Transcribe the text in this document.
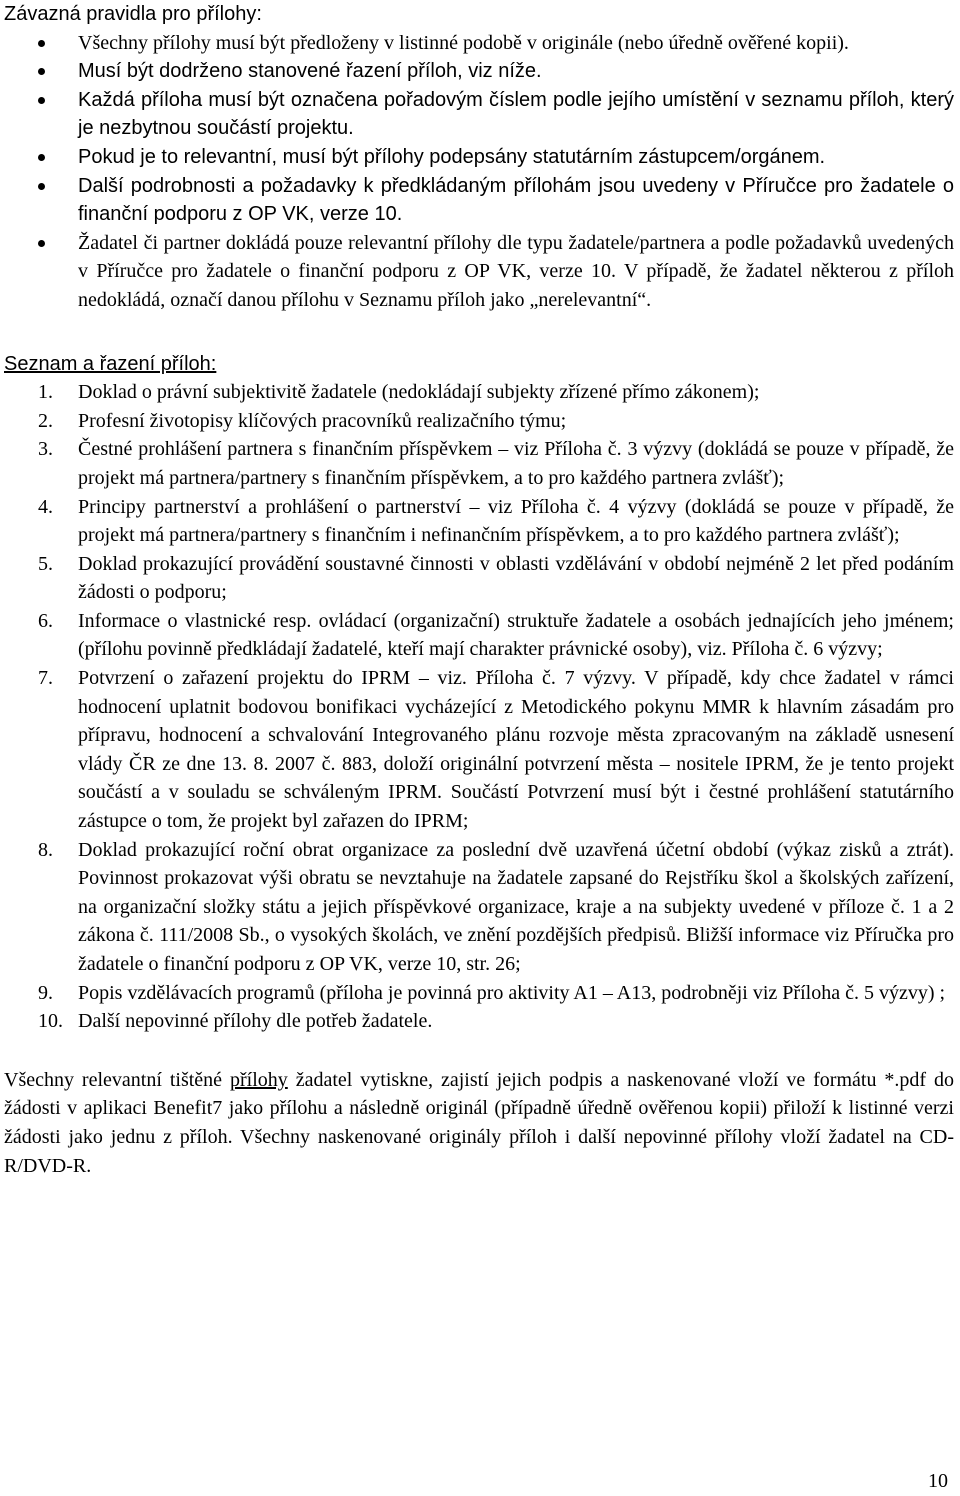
Závazná pravidla pro přílohy:

Všechny přílohy musí být předloženy v listinné podobě v originále (nebo úředně ověřené kopii).
Musí být dodrženo stanovené řazení příloh, viz níže.
Každá příloha musí být označena pořadovým číslem podle jejího umístění v seznamu příloh, který je nezbytnou součástí projektu.
Pokud je to relevantní, musí být přílohy podepsány statutárním zástupcem/orgánem.
Další podrobnosti a požadavky k předkládaným přílohám jsou uvedeny v Příručce pro žadatele o finanční podporu z OP VK, verze 10.
Žadatel či partner dokládá pouze relevantní přílohy dle typu žadatele/partnera a podle požadavků uvedených v Příručce pro žadatele o finanční podporu z OP VK, verze 10. V případě, že žadatel některou z příloh nedokládá, označí danou přílohu v Seznamu příloh jako „nerelevantní“.

Seznam a řazení příloh:

1. Doklad o právní subjektivitě žadatele (nedokládají subjekty zřízené přímo zákonem);
2. Profesní životopisy klíčových pracovníků realizačního týmu;
3. Čestné prohlášení partnera s finančním příspěvkem – viz Příloha č. 3 výzvy (dokládá se pouze v případě, že projekt má partnera/partnery s finančním příspěvkem, a to pro každého partnera zvlášť);
4. Principy partnerství a prohlášení o partnerství – viz Příloha č. 4 výzvy (dokládá se pouze v případě, že projekt má partnera/partnery s finančním i nefinančním příspěvkem, a to pro každého partnera zvlášť);
5. Doklad prokazující provádění soustavné činnosti v oblasti vzdělávání v období nejméně 2 let před podáním žádosti o podporu;
6. Informace o vlastnické resp. ovládací (organizační) struktuře žadatele a osobách jednajících jeho jménem; (přílohu povinně předkládají žadatelé, kteří mají charakter právnické osoby), viz. Příloha č. 6 výzvy;
7. Potvrzení o zařazení projektu do IPRM – viz. Příloha č. 7 výzvy. V případě, kdy chce žadatel v rámci hodnocení uplatnit bodovou bonifikaci vycházející z Metodického pokynu MMR k hlavním zásadám pro přípravu, hodnocení a schvalování Integrovaného plánu rozvoje města zpracovaným na základě usnesení vlády ČR ze dne 13. 8. 2007 č. 883, doloží originální potvrzení města – nositele IPRM, že je tento projekt součástí a v souladu se schváleným IPRM. Součástí Potvrzení musí být i čestné prohlášení statutárního zástupce o tom, že projekt byl zařazen do IPRM;
8. Doklad prokazující roční obrat organizace za poslední dvě uzavřená účetní období (výkaz zisků a ztrát). Povinnost prokazovat výši obratu se nevztahuje na žadatele zapsané do Rejstříku škol a školských zařízení, na organizační složky státu a jejich příspěvkové organizace, kraje a na subjekty uvedené v příloze č. 1 a 2 zákona č. 111/2008 Sb., o vysokých školách, ve znění pozdějších předpisů. Bližší informace viz Příručka pro žadatele o finanční podporu z OP VK, verze 10, str. 26;
9. Popis vzdělávacích programů (příloha je povinná pro aktivity A1 – A13, podrobněji viz Příloha č. 5 výzvy) ;
10. Další nepovinné přílohy dle potřeb žadatele.

Všechny relevantní tištěné přílohy žadatel vytiskne, zajistí jejich podpis a naskenované vloží ve formátu *.pdf do žádosti v aplikaci Benefit7 jako přílohu a následně originál (případně úředně ověřenou kopii) přiloží k listinné verzi žádosti jako jednu z příloh. Všechny naskenované originály příloh i další nepovinné přílohy vloží žadatel na CD-R/DVD-R.

10
